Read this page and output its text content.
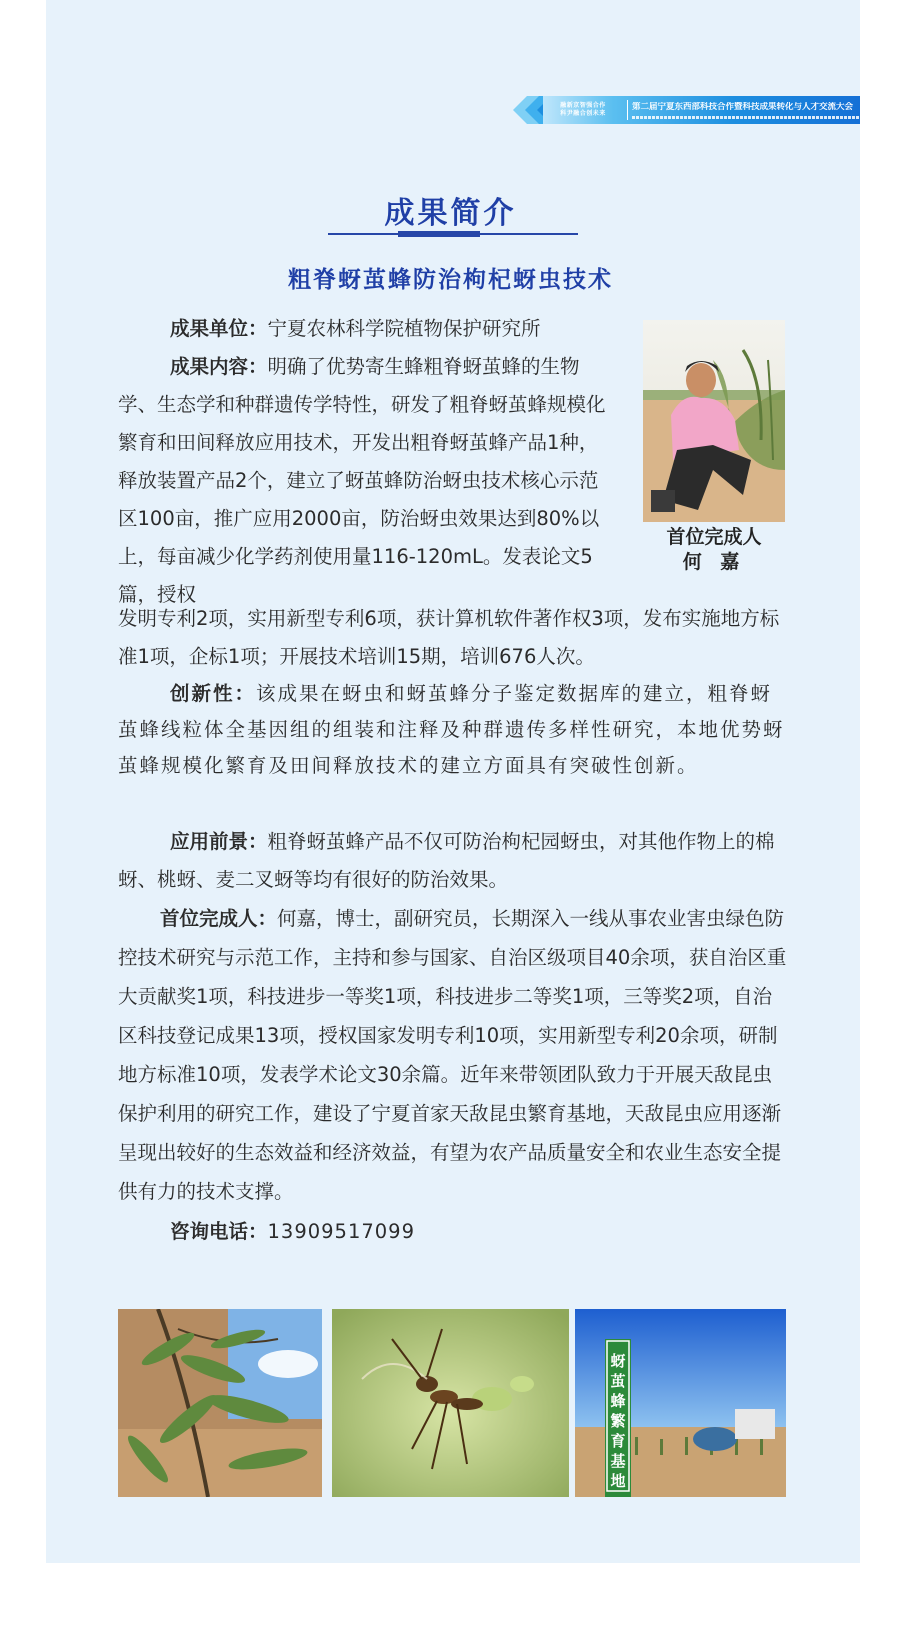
融新京智强合作
科尹融合创未来
第二届宁夏东西部科技合作暨科技成果转化与人才交流大会
成果简介
粗脊蚜茧蜂防治枸杞蚜虫技术
首位完成人
何 嘉
成果单位：宁夏农林科学院植物保护研究所
成果内容：明确了优势寄生蜂粗脊蚜茧蜂的生物学、生态学和种群遗传学特性，研发了粗脊蚜茧蜂规模化繁育和田间释放应用技术，开发出粗脊蚜茧蜂产品1种，释放装置产品2个，建立了蚜茧蜂防治蚜虫技术核心示范区100亩，推广应用2000亩，防治蚜虫效果达到80%以上，每亩减少化学药剂使用量116-120mL。发表论文5篇，授权
发明专利2项，实用新型专利6项，获计算机软件著作权3项，发布实施地方标准1项，企标1项；开展技术培训15期，培训676人次。
创新性：该成果在蚜虫和蚜茧蜂分子鉴定数据库的建立，粗脊蚜茧蜂线粒体全基因组的组装和注释及种群遗传多样性研究，本地优势蚜茧蜂规模化繁育及田间释放技术的建立方面具有突破性创新。
应用前景：粗脊蚜茧蜂产品不仅可防治枸杞园蚜虫，对其他作物上的棉蚜、桃蚜、麦二叉蚜等均有很好的防治效果。
首位完成人：何嘉，博士，副研究员，长期深入一线从事农业害虫绿色防控技术研究与示范工作，主持和参与国家、自治区级项目40余项，获自治区重大贡献奖1项，科技进步一等奖1项，科技进步二等奖1项，三等奖2项，自治区科技登记成果13项，授权国家发明专利10项，实用新型专利20余项，研制地方标准10项，发表学术论文30余篇。近年来带领团队致力于开展天敌昆虫保护利用的研究工作，建设了宁夏首家天敌昆虫繁育基地，天敌昆虫应用逐渐呈现出较好的生态效益和经济效益，有望为农产品质量安全和农业生态安全提供有力的技术支撑。
咨询电话：13909517099
蚜茧蜂繁育基地
